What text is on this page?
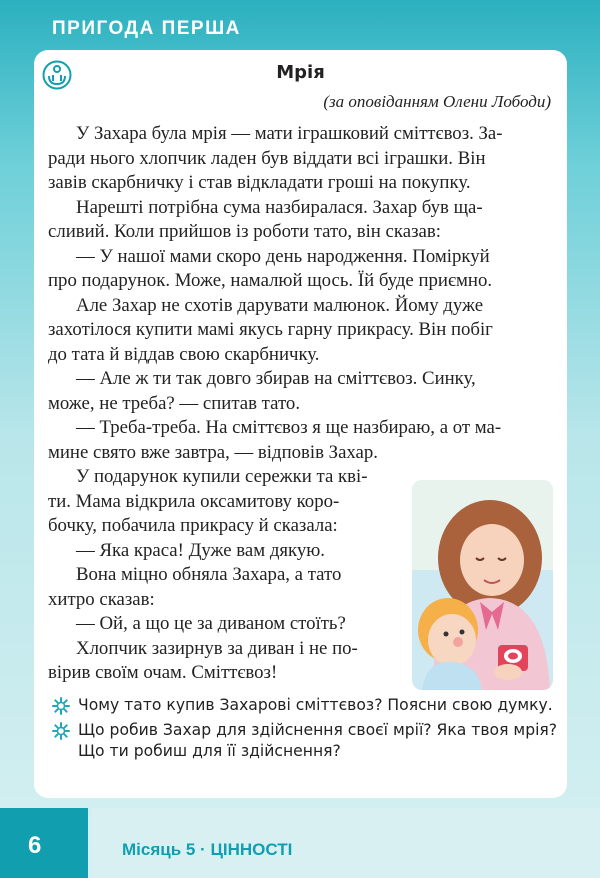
ПРИГОДА ПЕРША
Мрія
(за оповіданням Олени Лободи)
У Захара була мрія — мати іграшковий сміттєвоз. За-
ради нього хлопчик ладен був віддати всі іграшки. Він
завів скарбничку і став відкладати гроші на покупку.
Нарешті потрібна сума назбиралася. Захар був ща-
сливий. Коли прийшов із роботи тато, він сказав:
— У нашої мами скоро день народження. Поміркуй
про подарунок. Може, намалюй щось. Їй буде приємно.
Але Захар не схотів дарувати малюнок. Йому дуже
захотілося купити мамі якусь гарну прикрасу. Він побіг
до тата й віддав свою скарбничку.
— Але ж ти так довго збирав на сміттєвоз. Синку,
може, не треба? — спитав тато.
— Треба-треба. На сміттєвоз я ще назбираю, а от ма-
мине свято вже завтра, — відповів Захар.
У подарунок купили сережки та кві-
ти. Мама відкрила оксамитову коро-
бочку, побачила прикрасу й сказала:
— Яка краса! Дуже вам дякую.
Вона міцно обняла Захара, а тато
хитро сказав:
— Ой, а що це за диваном стоїть?
Хлопчик зазирнув за диван і не по-
вірив своїм очам. Сміттєвоз!
Чому тато купив Захарові сміттєвоз? Поясни свою думку.
Що робив Захар для здійснення своєї мрії? Яка твоя мрія? Що ти робиш для її здійснення?
6	Місяць 5 · ЦІННОСТІ
